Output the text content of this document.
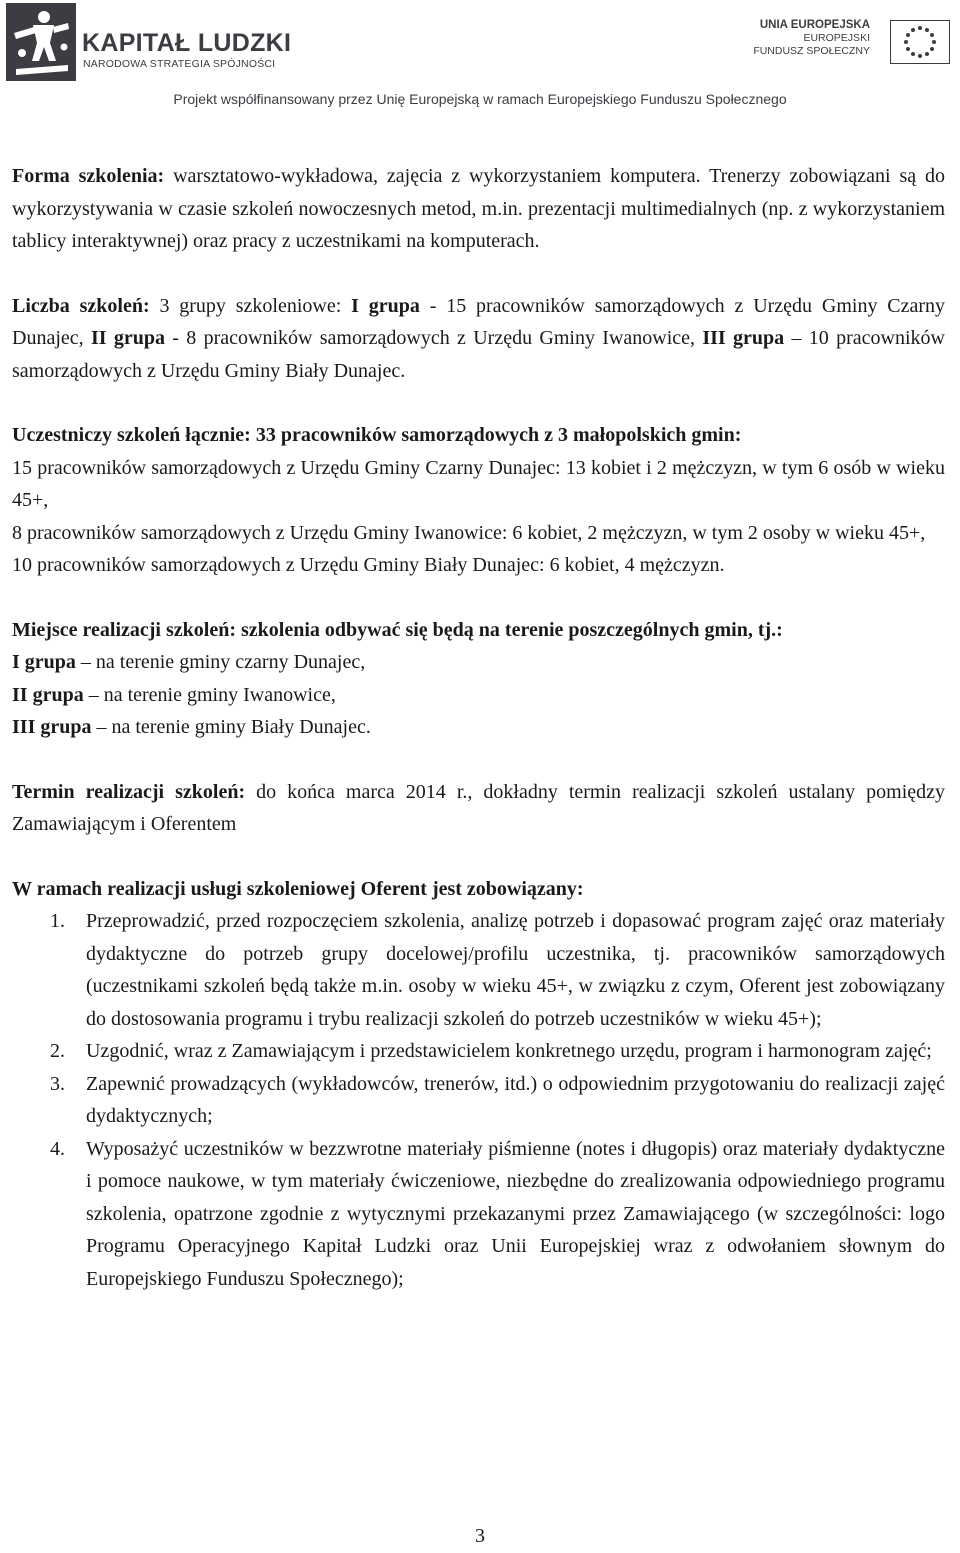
KAPITAŁ LUDZKI
NARODOWA STRATEGIA SPÓJNOŚCI
UNIA EUROPEJSKA
EUROPEJSKI
FUNDUSZ SPOŁECZNY
Projekt współfinansowany przez Unię Europejską w ramach Europejskiego Funduszu Społecznego

Forma szkolenia: warsztatowo-wykładowa, zajęcia z wykorzystaniem komputera. Trenerzy zobowiązani są do wykorzystywania w czasie szkoleń nowoczesnych metod, m.in. prezentacji multimedialnych (np. z wykorzystaniem tablicy interaktywnej) oraz pracy z uczestnikami na komputerach.

Liczba szkoleń: 3 grupy szkoleniowe: I grupa - 15 pracowników samorządowych z Urzędu Gminy Czarny Dunajec, II grupa - 8 pracowników samorządowych z Urzędu Gminy Iwanowice, III grupa – 10 pracowników samorządowych z Urzędu Gminy Biały Dunajec.

Uczestniczy szkoleń łącznie: 33 pracowników samorządowych z 3 małopolskich gmin:

15 pracowników samorządowych z Urzędu Gminy Czarny Dunajec: 13 kobiet i 2 mężczyzn, w tym 6 osób w wieku 45+,

8 pracowników samorządowych z Urzędu Gminy Iwanowice: 6 kobiet, 2 mężczyzn, w tym 2 osoby w wieku 45+,

10 pracowników samorządowych z Urzędu Gminy Biały Dunajec: 6 kobiet, 4 mężczyzn.

Miejsce realizacji szkoleń: szkolenia odbywać się będą na terenie poszczególnych gmin, tj.:

I grupa – na terenie gminy czarny Dunajec,

II grupa – na terenie gminy Iwanowice,

III grupa – na terenie gminy Biały Dunajec.

Termin realizacji szkoleń: do końca marca 2014 r., dokładny termin realizacji szkoleń ustalany pomiędzy Zamawiającym i Oferentem

W ramach realizacji usługi szkoleniowej Oferent jest zobowiązany:

1. Przeprowadzić, przed rozpoczęciem szkolenia, analizę potrzeb i dopasować program zajęć oraz materiały dydaktyczne do potrzeb grupy docelowej/profilu uczestnika, tj. pracowników samorządowych (uczestnikami szkoleń będą także m.in. osoby w wieku 45+, w związku z czym, Oferent jest zobowiązany do dostosowania programu i trybu realizacji szkoleń do potrzeb uczestników w wieku 45+);
2. Uzgodnić, wraz z Zamawiającym i przedstawicielem konkretnego urzędu, program i harmonogram zajęć;
3. Zapewnić prowadzących (wykładowców, trenerów, itd.) o odpowiednim przygotowaniu do realizacji zajęć dydaktycznych;
4. Wyposażyć uczestników w bezzwrotne materiały piśmienne (notes i długopis) oraz materiały dydaktyczne i pomoce naukowe, w tym materiały ćwiczeniowe, niezbędne do zrealizowania odpowiedniego programu szkolenia, opatrzone zgodnie z wytycznymi przekazanymi przez Zamawiającego (w szczególności: logo Programu Operacyjnego Kapitał Ludzki oraz Unii Europejskiej wraz z odwołaniem słownym do Europejskiego Funduszu Społecznego);
3
